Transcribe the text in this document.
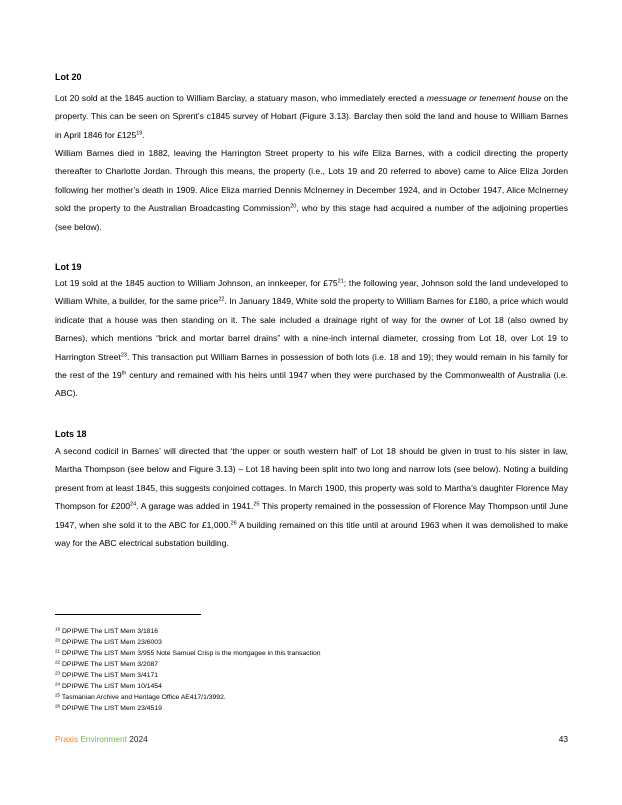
Lot 20

Lot 20 sold at the 1845 auction to William Barclay, a statuary mason, who immediately erected a messuage or tenement house on the property. This can be seen on Sprent’s c1845 survey of Hobart (Figure 3.13). Barclay then sold the land and house to William Barnes in April 1846 for $£125^{19}$.

William Barnes died in 1882, leaving the Harrington Street property to his wife Eliza Barnes, with a codicil directing the property thereafter to Charlotte Jordan. Through this means, the property (i.e., Lots 19 and 20 referred to above) came to Alice Eliza Jorden following her mother’s death in 1909. Alice Eliza married Dennis McInerney in December 1924, and in October 1947, Alice McInerney sold the property to the Australian Broadcasting Commission$^{20}$, who by this stage had acquired a number of the adjoining properties (see below).

Lot 19

Lot 19 sold at the 1845 auction to William Johnson, an innkeeper, for $£75^{21}$; the following year, Johnson sold the land undeveloped to William White, a builder, for the same price$^{22}$. In January 1849, White sold the property to William Barnes for £180, a price which would indicate that a house was then standing on it. The sale included a drainage right of way for the owner of Lot 18 (also owned by Barnes), which mentions “brick and mortar barrel drains” with a nine-inch internal diameter, crossing from Lot 18, over Lot 19 to Harrington Street$^{23}$. This transaction put William Barnes in possession of both lots (i.e. 18 and 19); they would remain in his family for the rest of the 19th century and remained with his heirs until 1947 when they were purchased by the Commonwealth of Australia (i.e. ABC).

Lots 18

A second codicil in Barnes’ will directed that ‘the upper or south western half’ of Lot 18 should be given in trust to his sister in law, Martha Thompson (see below and Figure 3.13) – Lot 18 having been split into two long and narrow lots (see below). Noting a building present from at least 1845, this suggests conjoined cottages. In March 1900, this property was sold to Martha’s daughter Florence May Thompson for $£200^{24}$. A garage was added in 1941.25 This property remained in the possession of Florence May Thompson until June 1947, when she sold it to the ABC for £1,000.26 A building remained on this title until at around 1963 when it was demolished to make way for the ABC electrical substation building.

$^{19}$ DPIPWE The LIST Mem 3/1816
$^{20}$ DPIPWE The LIST Mem 23/6003
$^{21}$ DPIPWE The LIST Mem 3/955 Note Samuel Crisp is the mortgagee in this transaction
$^{22}$ DPIPWE The LIST Mem 3/2087
$^{23}$ DPIPWE The LIST Mem 3/4171
$^{24}$ DPIPWE The LIST Mem 10/1454
$^{25}$ Tasmanian Archive and Heritage Office AE417/1/3992.
$^{26}$ DPIPWE The LIST Mem 23/4519
Praxis Environment 2024	43
